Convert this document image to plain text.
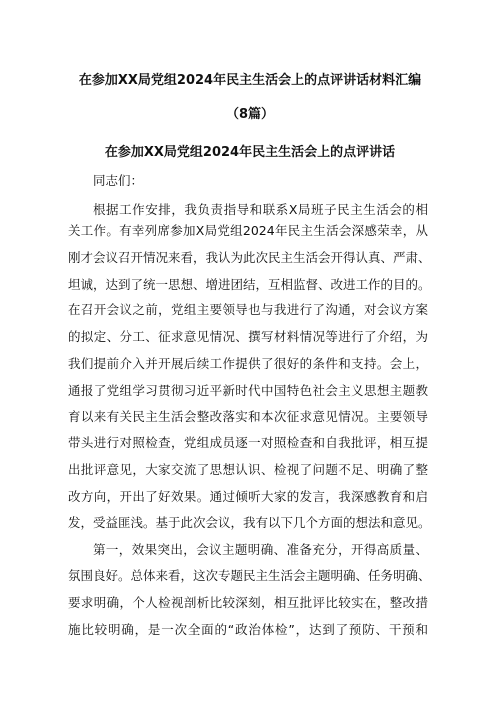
在参加XX局党组2024年民主生活会上的点评讲话材料汇编
（8篇）
在参加XX局党组2024年民主生活会上的点评讲话

同志们：

根据工作安排，我负责指导和联系X局班子民主生活会的相

关工作。有幸列席参加X局党组2024年民主生活会深感荣幸，从

刚才会议召开情况来看，我认为此次民主生活会开得认真、严肃、

坦诚，达到了统一思想、增进团结，互相监督、改进工作的目的。

在召开会议之前，党组主要领导也与我进行了沟通，对会议方案

的拟定、分工、征求意见情况、撰写材料情况等进行了介绍，为

我们提前介入并开展后续工作提供了很好的条件和支持。会上，

通报了党组学习贯彻习近平新时代中国特色社会主义思想主题教

育以来有关民主生活会整改落实和本次征求意见情况。主要领导

带头进行对照检查，党组成员逐一对照检查和自我批评，相互提

出批评意见，大家交流了思想认识、检视了问题不足、明确了整

改方向，开出了好效果。通过倾听大家的发言，我深感教育和启

发，受益匪浅。基于此次会议，我有以下几个方面的想法和意见。

第一，效果突出，会议主题明确、准备充分，开得高质量、

氛围良好。总体来看，这次专题民主生活会主题明确、任务明确、

要求明确，个人检视剖析比较深刻，相互批评比较实在，整改措

施比较明确，是一次全面的“政治体检”，达到了预防、干预和
